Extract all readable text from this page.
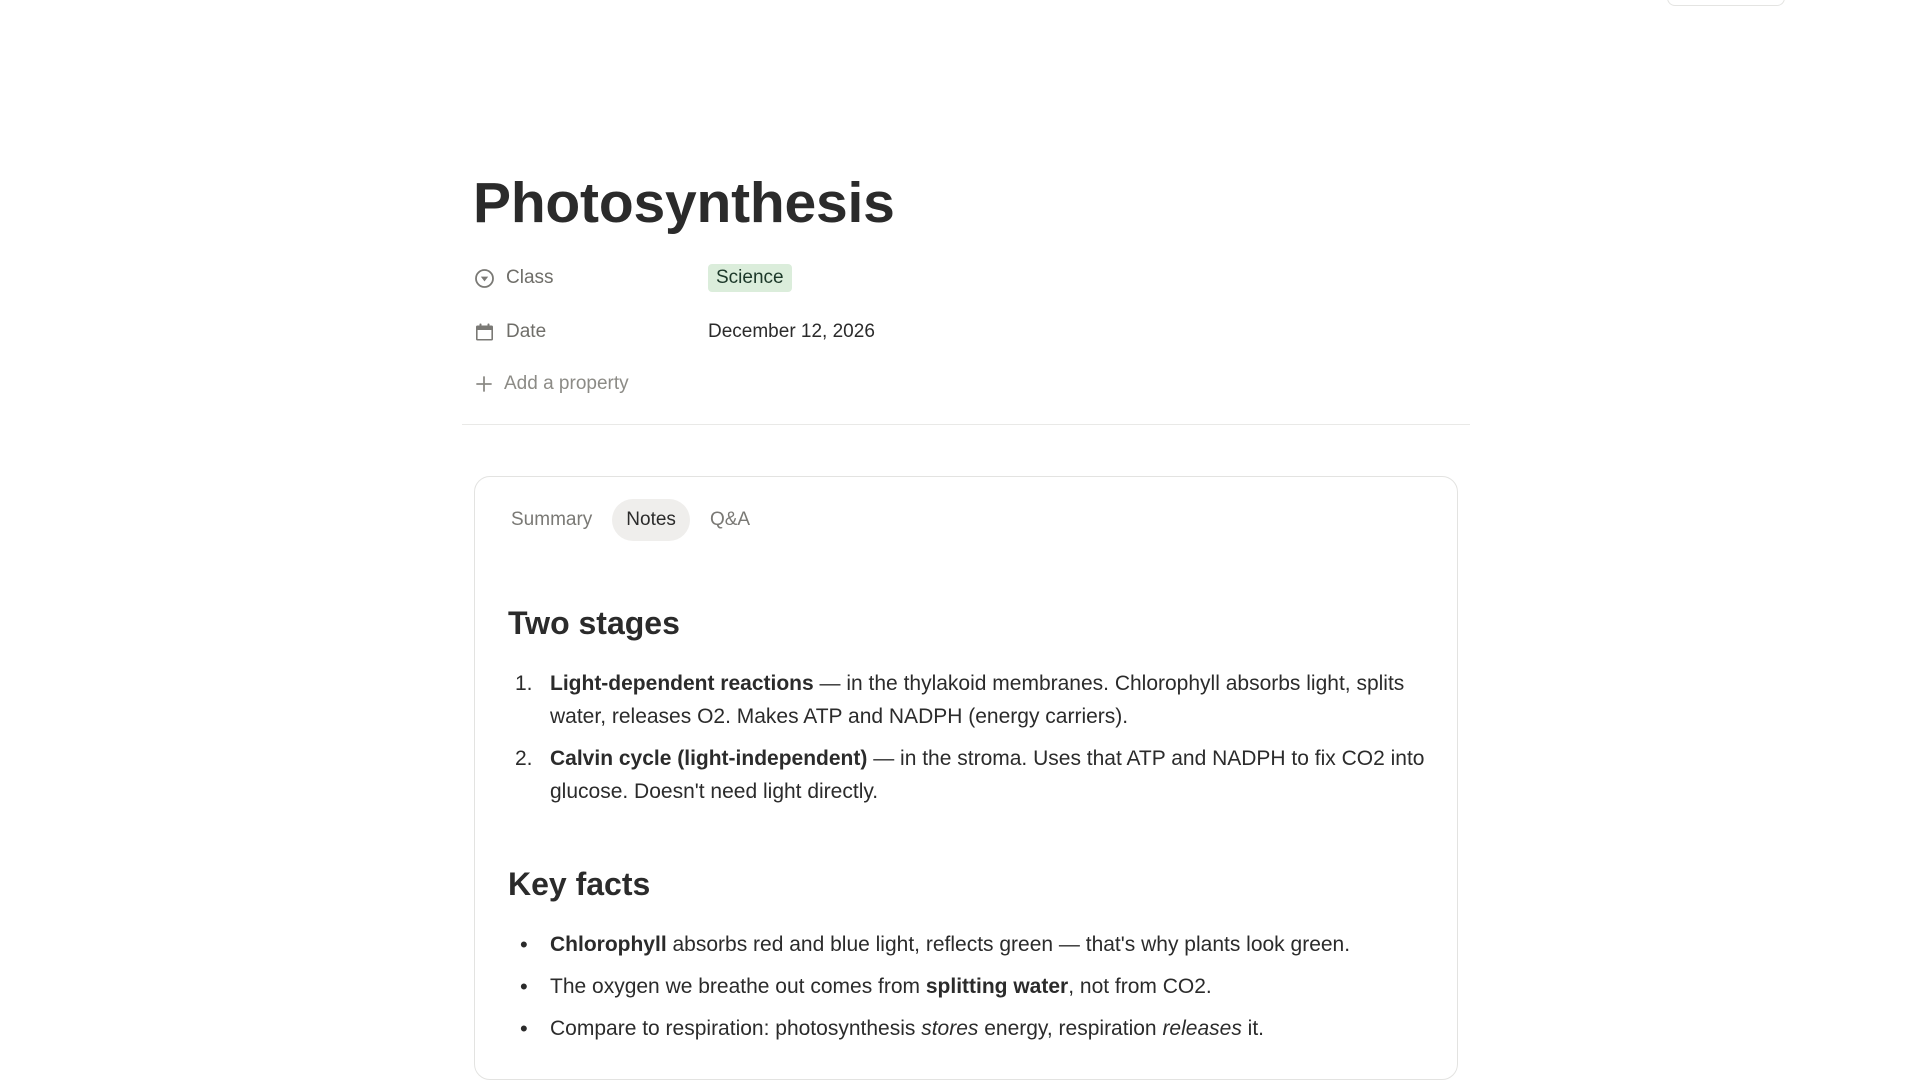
Photosynthesis
Class	Science
Date	December 12, 2026
Add a property
Summary	Notes	Q&A
Two stages
1. Light-dependent reactions — in the thylakoid membranes. Chlorophyll absorbs light, splits water, releases O2. Makes ATP and NADPH (energy carriers).
2. Calvin cycle (light-independent) — in the stroma. Uses that ATP and NADPH to fix CO2 into glucose. Doesn't need light directly.
Key facts
•	Chlorophyll absorbs red and blue light, reflects green — that's why plants look green.
•	The oxygen we breathe out comes from splitting water, not from CO2.
•	Compare to respiration: photosynthesis stores energy, respiration releases it.
